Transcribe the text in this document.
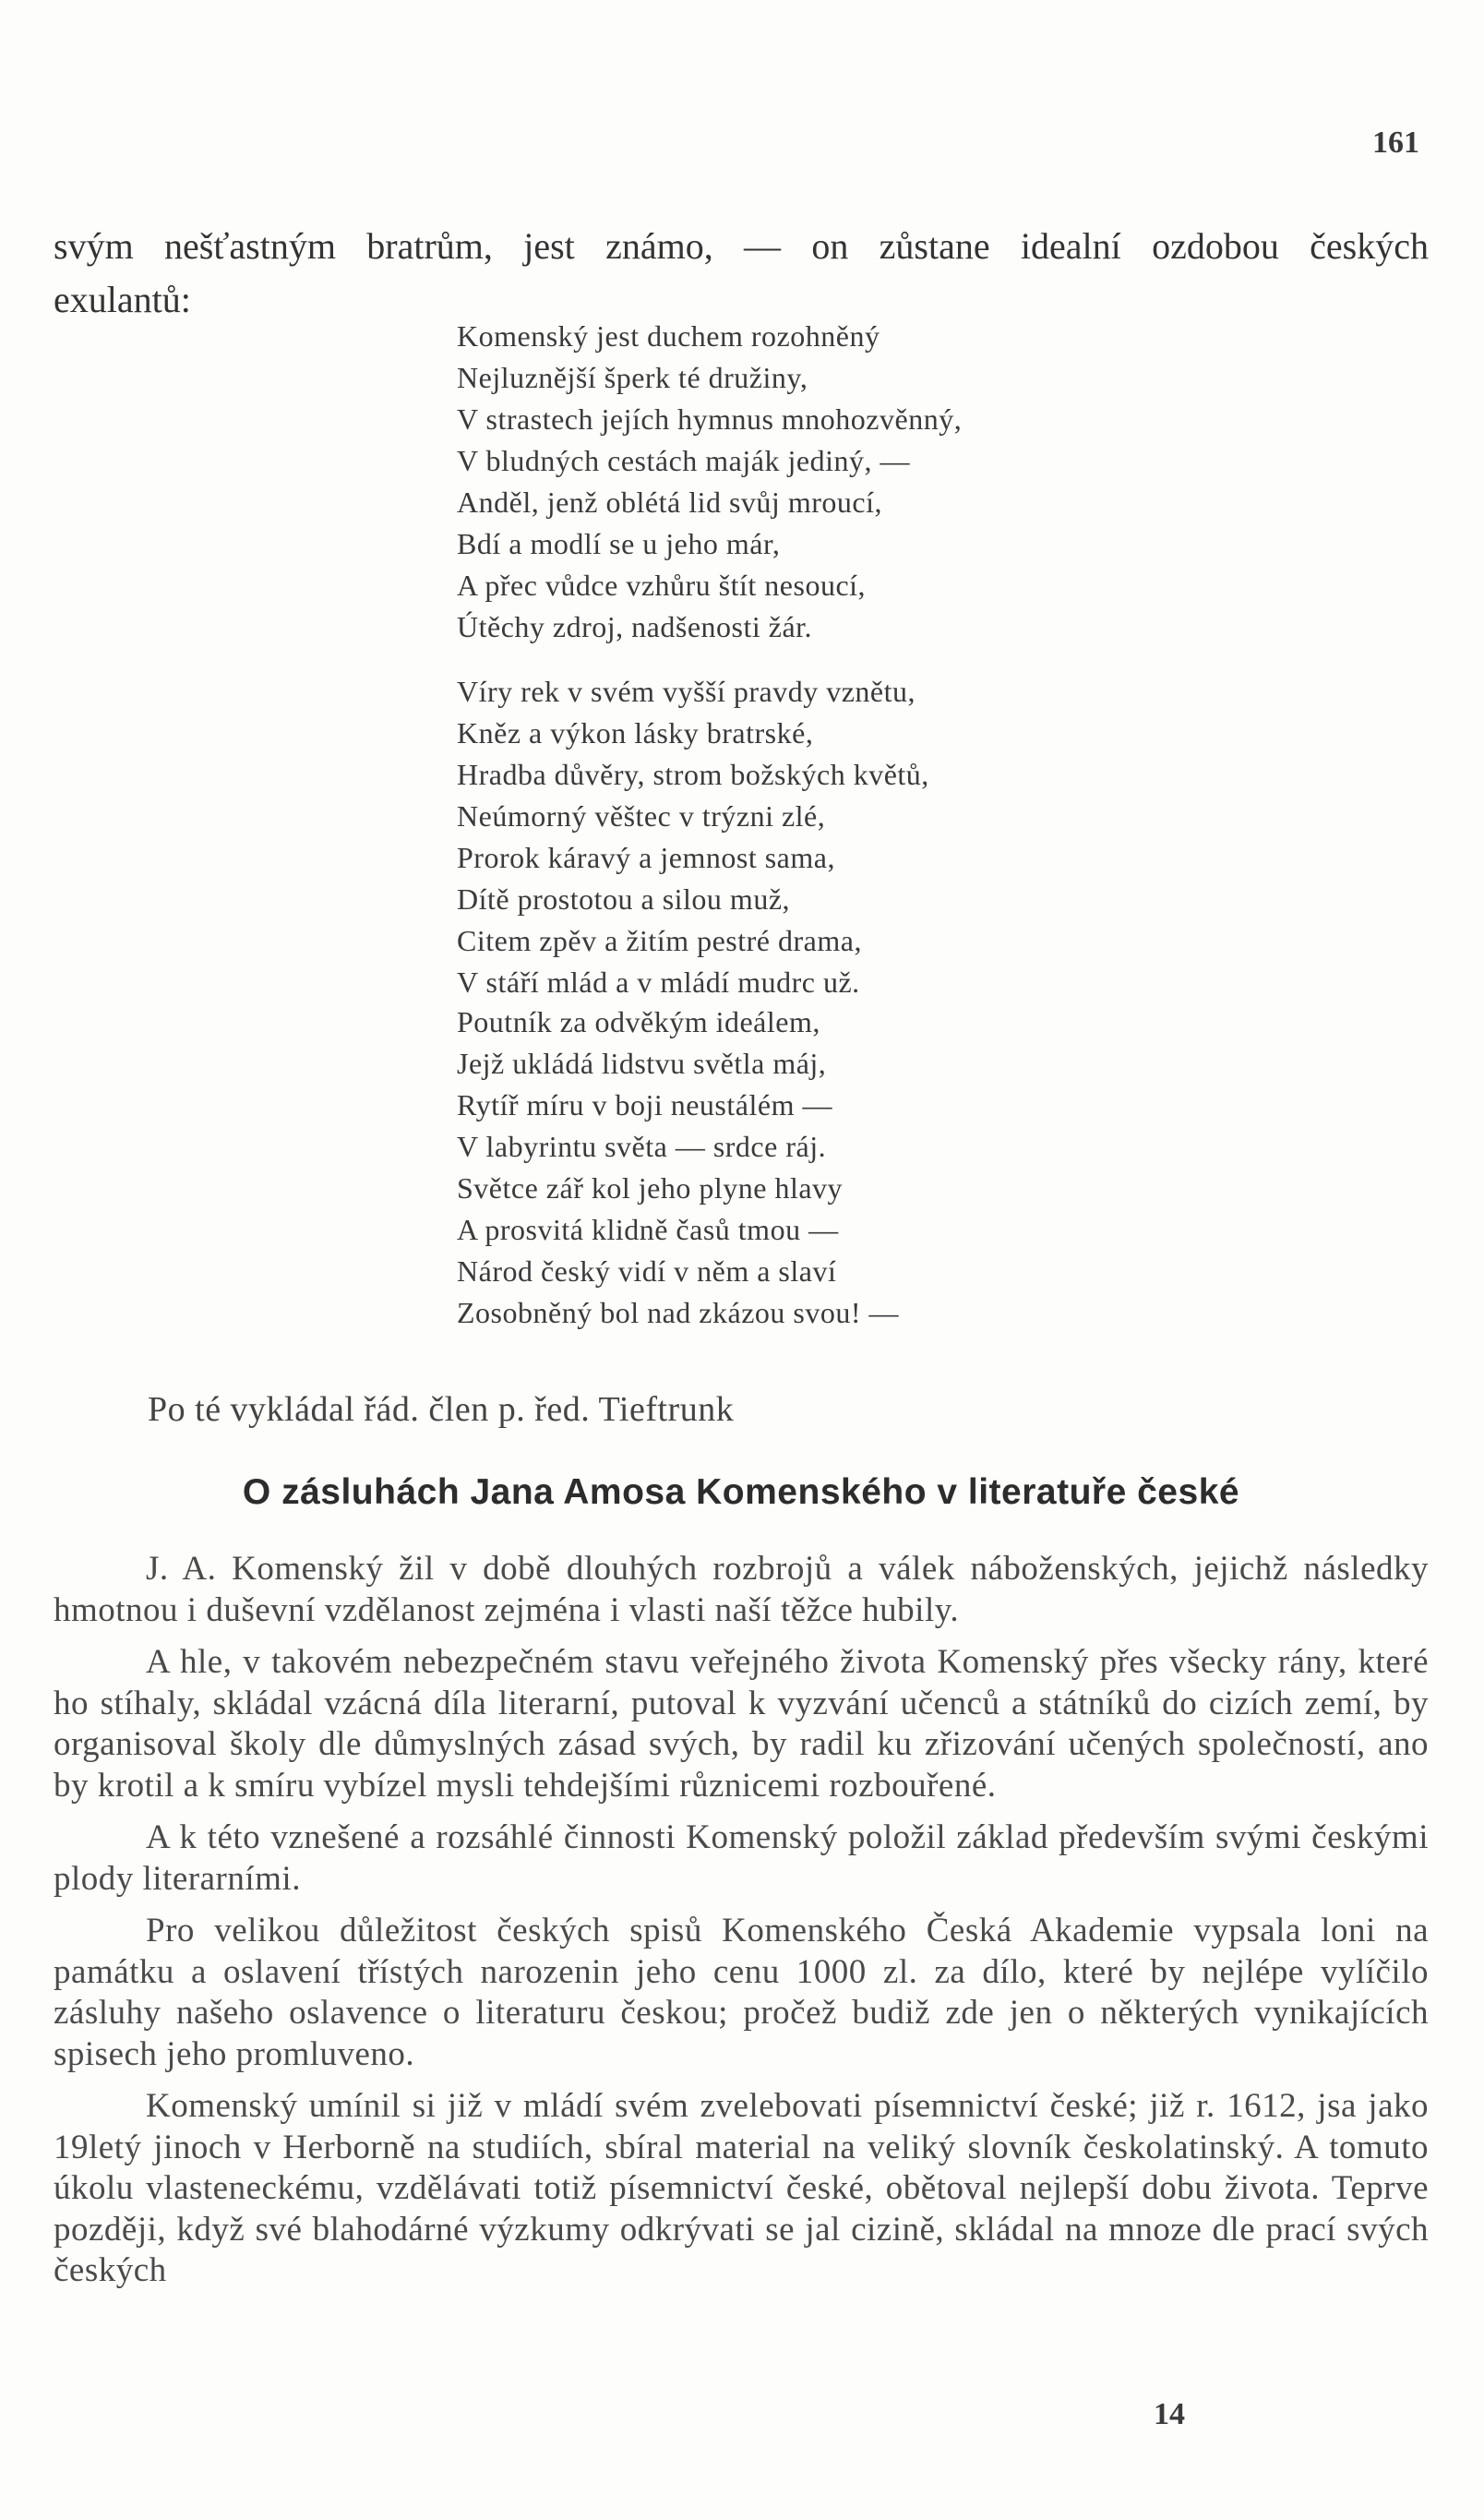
161
svým nešťastným bratrům, jest známo, — on zůstane idealní ozdobou českých
exulantů:
Komenský jest duchem rozohněný
Nejluznější šperk té družiny,
V strastech jejích hymnus mnohozvěnný,
V bludných cestách maják jediný, —
Anděl, jenž oblétá lid svůj mroucí,
Bdí a modlí se u jeho már,
A přec vůdce vzhůru štít nesoucí,
Útěchy zdroj, nadšenosti žár.
Víry rek v svém vyšší pravdy vznětu,
Kněz a výkon lásky bratrské,
Hradba důvěry, strom božských květů,
Neúmorný věštec v trýzni zlé,
Prorok káravý a jemnost sama,
Dítě prostotou a silou muž,
Citem zpěv a žitím pestré drama,
V stáří mlád a v mládí mudrc už.
Poutník za odvěkým ideálem,
Jejž ukládá lidstvu světla máj,
Rytíř míru v boji neustálém —
V labyrintu světa — srdce ráj.
Světce zář kol jeho plyne hlavy
A prosvitá klidně časů tmou —
Národ český vidí v něm a slaví
Zosobněný bol nad zkázou svou! —
Po té vykládal řád. člen p. řed. Tieftrunk
O zásluhách Jana Amosa Komenského v literatuře české

J. A. Komenský žil v době dlouhých rozbrojů a válek náboženských, jejichž následky hmotnou i duševní vzdělanost zejména i vlasti naší těžce hubily.

A hle, v takovém nebezpečném stavu veřejného života Komenský přes všecky rány, které ho stíhaly, skládal vzácná díla literarní, putoval k vyzvání učenců a státníků do cizích zemí, by organisoval školy dle důmyslných zásad svých, by radil ku zřizování učených společností, ano by krotil a k smíru vybízel mysli tehdejšími různicemi rozbouřené.

A k této vznešené a rozsáhlé činnosti Komenský položil základ především svými českými plody literarními.

Pro velikou důležitost českých spisů Komenského Česká Akademie vypsala loni na památku a oslavení třístých narozenin jeho cenu 1000 zl. za dílo, které by nejlépe vylíčilo zásluhy našeho oslavence o literaturu českou; pročež budiž zde jen o některých vynikajících spisech jeho promluveno.

Komenský umínil si již v mládí svém zvelebovati písemnictví české; již r. 1612, jsa jako 19letý jinoch v Herborně na studiích, sbíral material na veliký slovník českolatinský. A tomuto úkolu vlasteneckému, vzdělávati totiž písemnictví české, obětoval nejlepší dobu života. Teprve později, když své blahodárné výzkumy odkrývati se jal cizině, skládal na mnoze dle prací svých českých

14
